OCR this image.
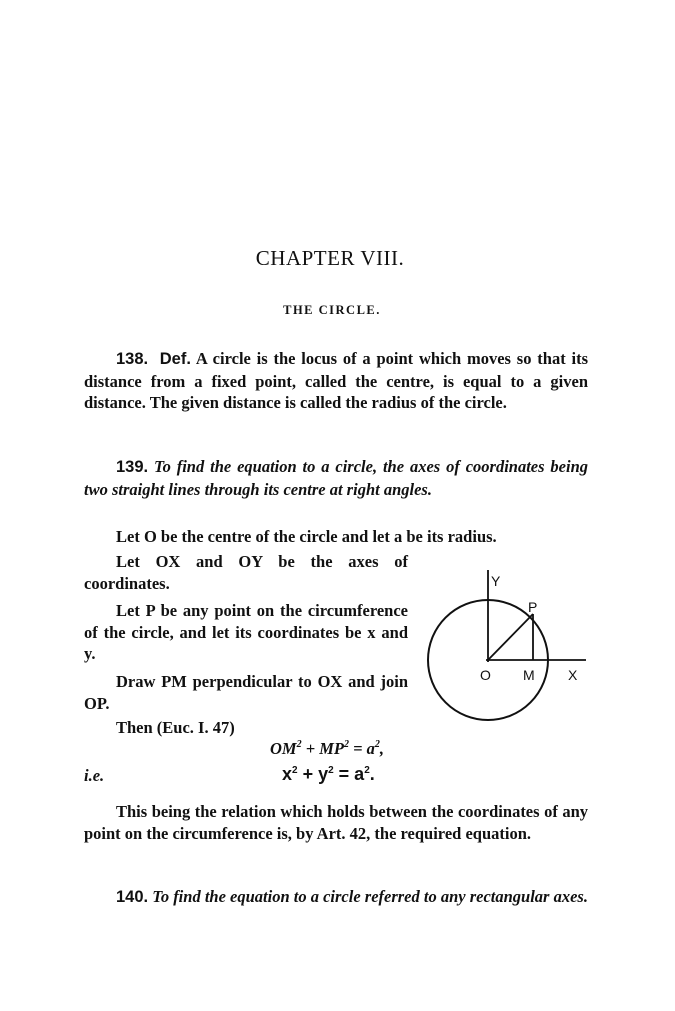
CHAPTER VIII.
THE CIRCLE.

138. Def. A circle is the locus of a point which moves so that its distance from a fixed point, called the centre, is equal to a given distance. The given distance is called the radius of the circle.

139. To find the equation to a circle, the axes of coordinates being two straight lines through its centre at right angles.

Let O be the centre of the circle and let a be its radius.

Let OX and OY be the axes of coordinates.

Let P be any point on the circumference of the circle, and let its coordinates be x and y.

Draw PM perpendicular to OX and join OP.

Then (Euc. I. 47)

$OM^2 + MP^2 = a^2$,
i.e.	$x^2 + y^2 = a^2$.

This being the relation which holds between the coordinates of any point on the circumference is, by Art. 42, the required equation.

140. To find the equation to a circle referred to any rectangular axes.

Y
P
O M X
